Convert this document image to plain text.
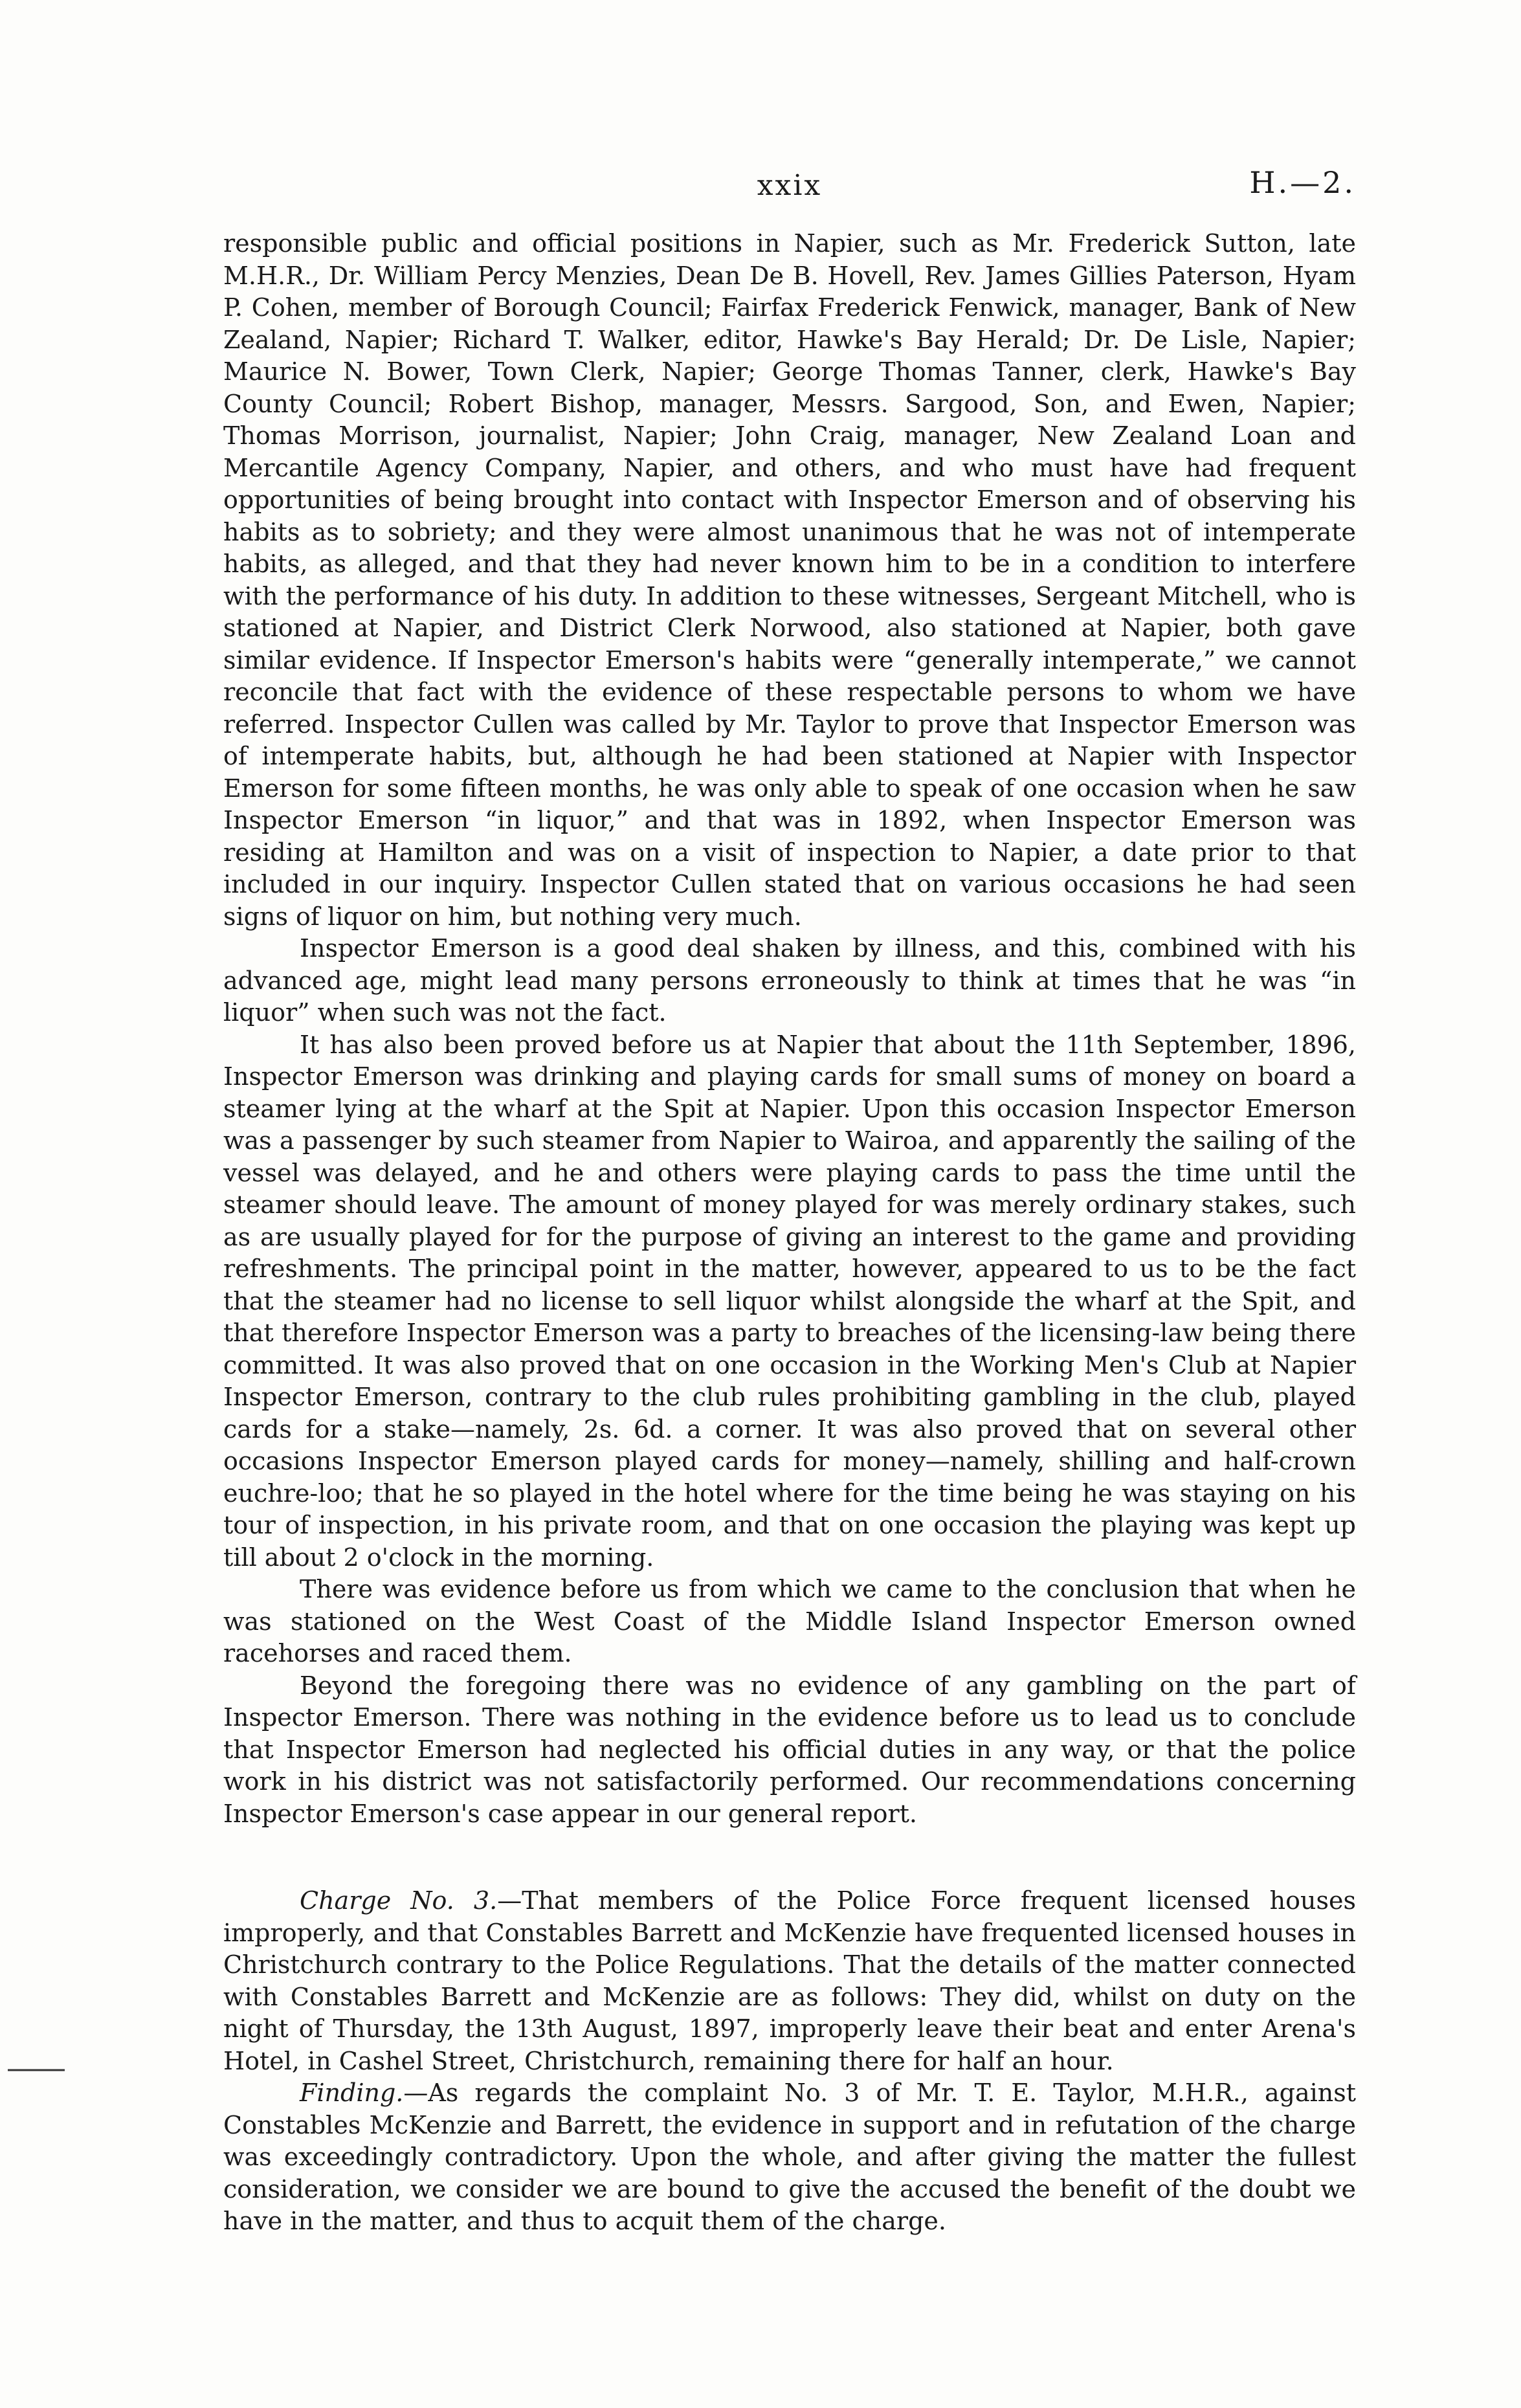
xxix	H.—2.

responsible public and official positions in Napier, such as Mr. Frederick Sutton, late M.H.R., Dr. William Percy Menzies, Dean De B. Hovell, Rev. James Gillies Paterson, Hyam P. Cohen, member of Borough Council; Fairfax Frederick Fenwick, manager, Bank of New Zealand, Napier; Richard T. Walker, editor, Hawke's Bay Herald; Dr. De Lisle, Napier; Maurice N. Bower, Town Clerk, Napier; George Thomas Tanner, clerk, Hawke's Bay County Council; Robert Bishop, manager, Messrs. Sargood, Son, and Ewen, Napier; Thomas Morrison, journalist, Napier; John Craig, manager, New Zealand Loan and Mercantile Agency Company, Napier, and others, and who must have had frequent opportunities of being brought into contact with Inspector Emerson and of observing his habits as to sobriety; and they were almost unanimous that he was not of intemperate habits, as alleged, and that they had never known him to be in a condition to interfere with the performance of his duty. In addition to these witnesses, Sergeant Mitchell, who is stationed at Napier, and District Clerk Norwood, also stationed at Napier, both gave similar evidence. If Inspector Emerson's habits were “generally intemperate,” we cannot reconcile that fact with the evidence of these respectable persons to whom we have referred. Inspector Cullen was called by Mr. Taylor to prove that Inspector Emerson was of intemperate habits, but, although he had been stationed at Napier with Inspector Emerson for some fifteen months, he was only able to speak of one occasion when he saw Inspector Emerson “in liquor,” and that was in 1892, when Inspector Emerson was residing at Hamilton and was on a visit of inspection to Napier, a date prior to that included in our inquiry. Inspector Cullen stated that on various occasions he had seen signs of liquor on him, but nothing very much.

Inspector Emerson is a good deal shaken by illness, and this, combined with his advanced age, might lead many persons erroneously to think at times that he was “in liquor” when such was not the fact.

It has also been proved before us at Napier that about the 11th September, 1896, Inspector Emerson was drinking and playing cards for small sums of money on board a steamer lying at the wharf at the Spit at Napier. Upon this occasion Inspector Emerson was a passenger by such steamer from Napier to Wairoa, and apparently the sailing of the vessel was delayed, and he and others were playing cards to pass the time until the steamer should leave. The amount of money played for was merely ordinary stakes, such as are usually played for for the purpose of giving an interest to the game and providing refreshments. The principal point in the matter, however, appeared to us to be the fact that the steamer had no license to sell liquor whilst alongside the wharf at the Spit, and that therefore Inspector Emerson was a party to breaches of the licensing-law being there committed. It was also proved that on one occasion in the Working Men's Club at Napier Inspector Emerson, contrary to the club rules prohibiting gambling in the club, played cards for a stake—namely, 2s. 6d. a corner. It was also proved that on several other occasions Inspector Emerson played cards for money—namely, shilling and half-crown euchre-loo; that he so played in the hotel where for the time being he was staying on his tour of inspection, in his private room, and that on one occasion the playing was kept up till about 2 o'clock in the morning.

There was evidence before us from which we came to the conclusion that when he was stationed on the West Coast of the Middle Island Inspector Emerson owned racehorses and raced them.

Beyond the foregoing there was no evidence of any gambling on the part of Inspector Emerson. There was nothing in the evidence before us to lead us to conclude that Inspector Emerson had neglected his official duties in any way, or that the police work in his district was not satisfactorily performed. Our recommendations concerning Inspector Emerson's case appear in our general report.

Charge No. 3.—That members of the Police Force frequent licensed houses improperly, and that Constables Barrett and McKenzie have frequented licensed houses in Christchurch contrary to the Police Regulations. That the details of the matter connected with Constables Barrett and McKenzie are as follows: They did, whilst on duty on the night of Thursday, the 13th August, 1897, improperly leave their beat and enter Arena's Hotel, in Cashel Street, Christchurch, remaining there for half an hour.

Finding.—As regards the complaint No. 3 of Mr. T. E. Taylor, M.H.R., against Constables McKenzie and Barrett, the evidence in support and in refutation of the charge was exceedingly contradictory. Upon the whole, and after giving the matter the fullest consideration, we consider we are bound to give the accused the benefit of the doubt we have in the matter, and thus to acquit them of the charge.
